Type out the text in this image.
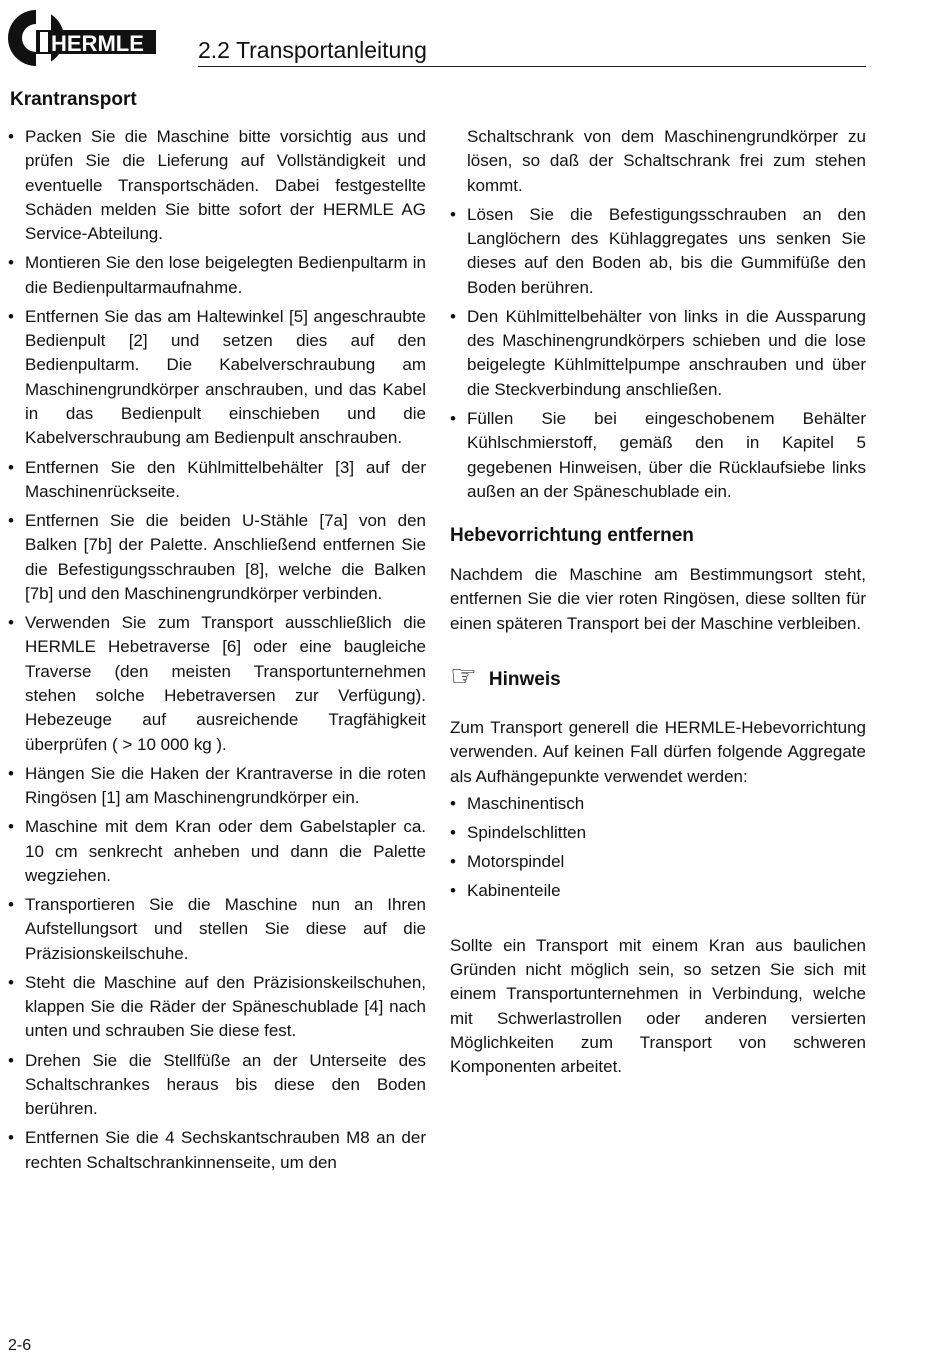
HERMLE 2.2 Transportanleitung
Krantransport
• Packen Sie die Maschine bitte vorsichtig aus und prüfen Sie die Lieferung auf Vollständigkeit und eventuelle Transportschäden. Dabei festgestellte Schäden melden Sie bitte sofort der HERMLE AG Service-Abteilung.
• Montieren Sie den lose beigelegten Bedienpultarm in die Bedienpultarmaufnahme.
• Entfernen Sie das am Haltewinkel [5] angeschraubte Bedienpult [2] und setzen dies auf den Bedienpultarm. Die Kabelverschraubung am Maschinengrundkörper anschrauben, und das Kabel in das Bedienpult einschieben und die Kabelverschraubung am Bedienpult anschrauben.
• Entfernen Sie den Kühlmittelbehälter [3] auf der Maschinenrückseite.
• Entfernen Sie die beiden U-Stähle [7a] von den Balken [7b] der Palette. Anschließend entfernen Sie die Befestigungsschrauben [8], welche die Balken [7b] und den Maschinengrundkörper verbinden.
• Verwenden Sie zum Transport ausschließlich die HERMLE Hebetraverse [6] oder eine baugleiche Traverse (den meisten Transportunternehmen stehen solche Hebetraversen zur Verfügung). Hebezeuge auf ausreichende Tragfähigkeit überprüfen ( > 10 000 kg ).
• Hängen Sie die Haken der Krantraverse in die roten Ringösen [1] am Maschinengrundkörper ein.
• Maschine mit dem Kran oder dem Gabelstapler ca. 10 cm senkrecht anheben und dann die Palette wegziehen.
• Transportieren Sie die Maschine nun an Ihren Aufstellungsort und stellen Sie diese auf die Präzisionskeilschuhe.
• Steht die Maschine auf den Präzisionskeilschuhen, klappen Sie die Räder der Späneschublade [4] nach unten und schrauben Sie diese fest.
• Drehen Sie die Stellfüße an der Unterseite des Schaltschrankes heraus bis diese den Boden berühren.
• Entfernen Sie die 4 Sechskantschrauben M8 an der rechten Schaltschrankinnenseite, um den
Schaltschrank von dem Maschinengrundkörper zu lösen, so daß der Schaltschrank frei zum stehen kommt.
• Lösen Sie die Befestigungsschrauben an den Langlöchern des Kühlaggregates uns senken Sie dieses auf den Boden ab, bis die Gummifüße den Boden berühren.
• Den Kühlmittelbehälter von links in die Aussparung des Maschinengrundkörpers schieben und die lose beigelegte Kühlmittelpumpe anschrauben und über die Steckverbindung anschließen.
• Füllen Sie bei eingeschobenem Behälter Kühlschmierstoff, gemäß den in Kapitel 5 gegebenen Hinweisen, über die Rücklaufsiebe links außen an der Späneschublade ein.
Hebevorrichtung entfernen

Nachdem die Maschine am Bestimmungsort steht, entfernen Sie die vier roten Ringösen, diese sollten für einen späteren Transport bei der Maschine verbleiben.

☞ Hinweis

Zum Transport generell die HERMLE-Hebevorrichtung verwenden. Auf keinen Fall dürfen folgende Aggregate als Aufhängepunkte verwendet werden:

• Maschinentisch
• Spindelschlitten
• Motorspindel
• Kabinenteile

Sollte ein Transport mit einem Kran aus baulichen Gründen nicht möglich sein, so setzen Sie sich mit einem Transportunternehmen in Verbindung, welche mit Schwerlastrollen oder anderen versierten Möglichkeiten zum Transport von schweren Komponenten arbeitet.

2-6
